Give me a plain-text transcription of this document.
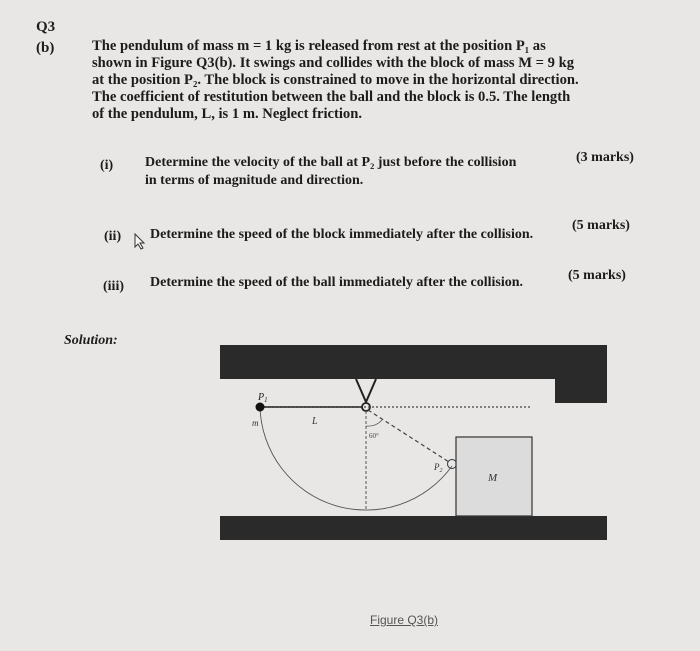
Q3
(b)	The pendulum of mass m = 1 kg is released from rest at the position P₁ as
shown in Figure Q3(b). It swings and collides with the block of mass M = 9 kg
at the position P₂. The block is constrained to move in the horizontal direction.
The coefficient of restitution between the ball and the block is 0.5. The length
of the pendulum, L, is 1 m. Neglect friction.
(i) Determine the velocity of the ball at P₂ just before the collision
in terms of magnitude and direction.
(3 marks)
(ii) Determine the speed of the block immediately after the collision.
(5 marks)
(iii) Determine the speed of the ball immediately after the collision.	(5 marks)
Solution:
$P_1$
m	L
60°
$P_2$
M
Figure Q3(b)
